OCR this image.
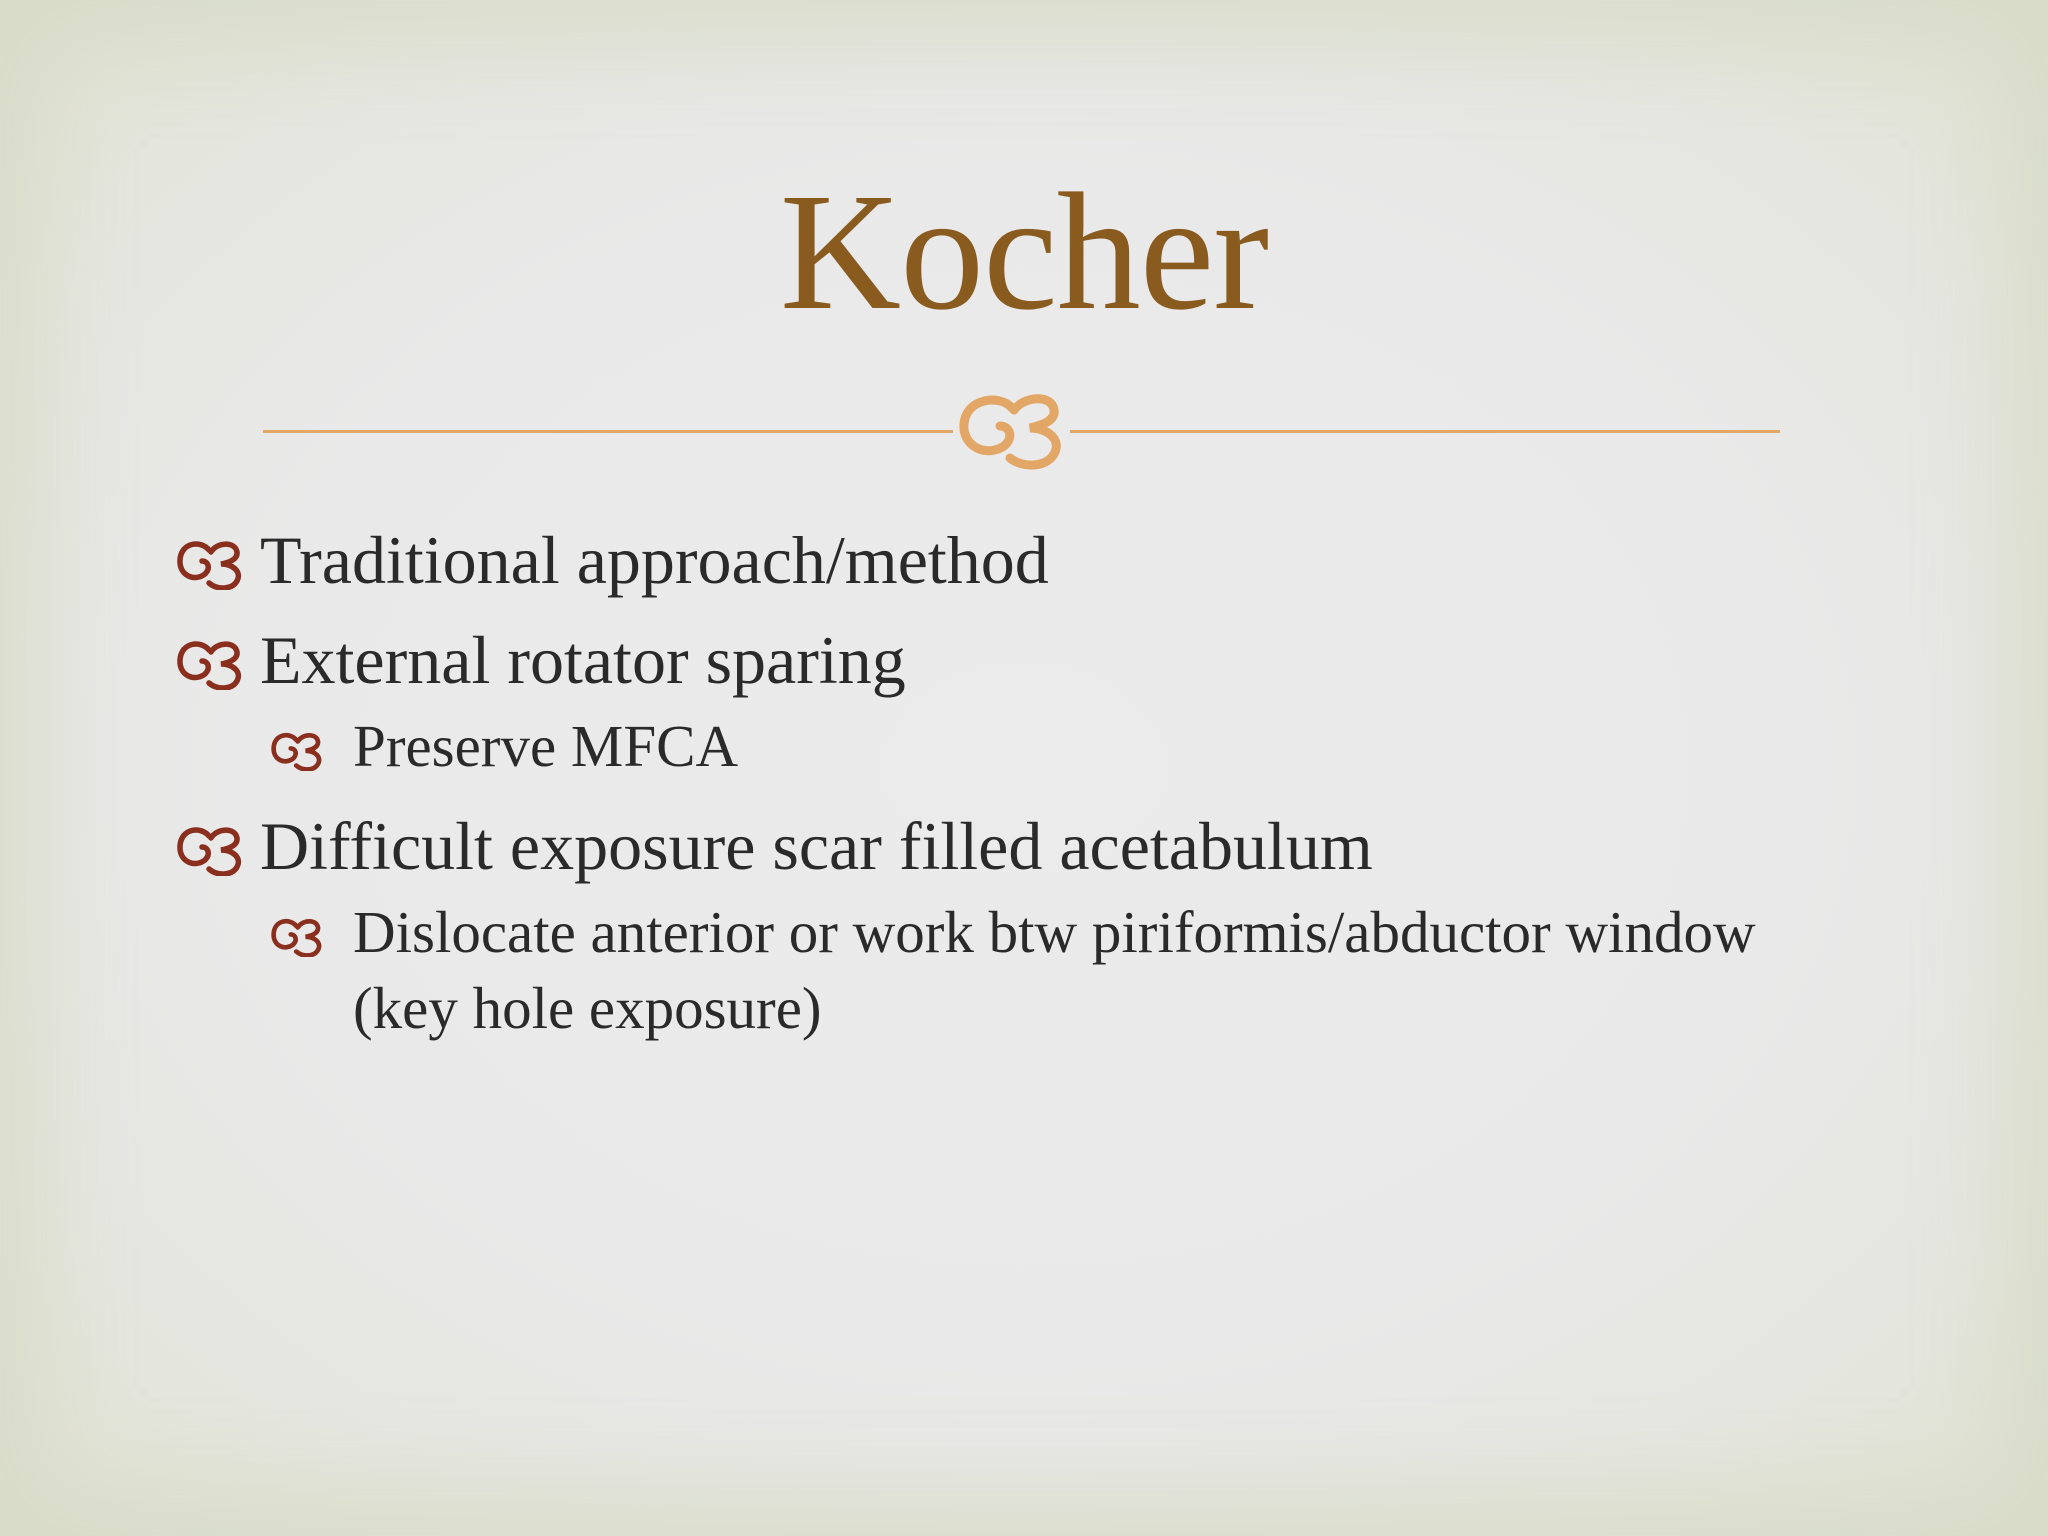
Kocher
Traditional approach/method
External rotator sparing
Preserve MFCA
Difficult exposure scar filled acetabulum
Dislocate anterior or work btw piriformis/abductor window (key hole exposure)
